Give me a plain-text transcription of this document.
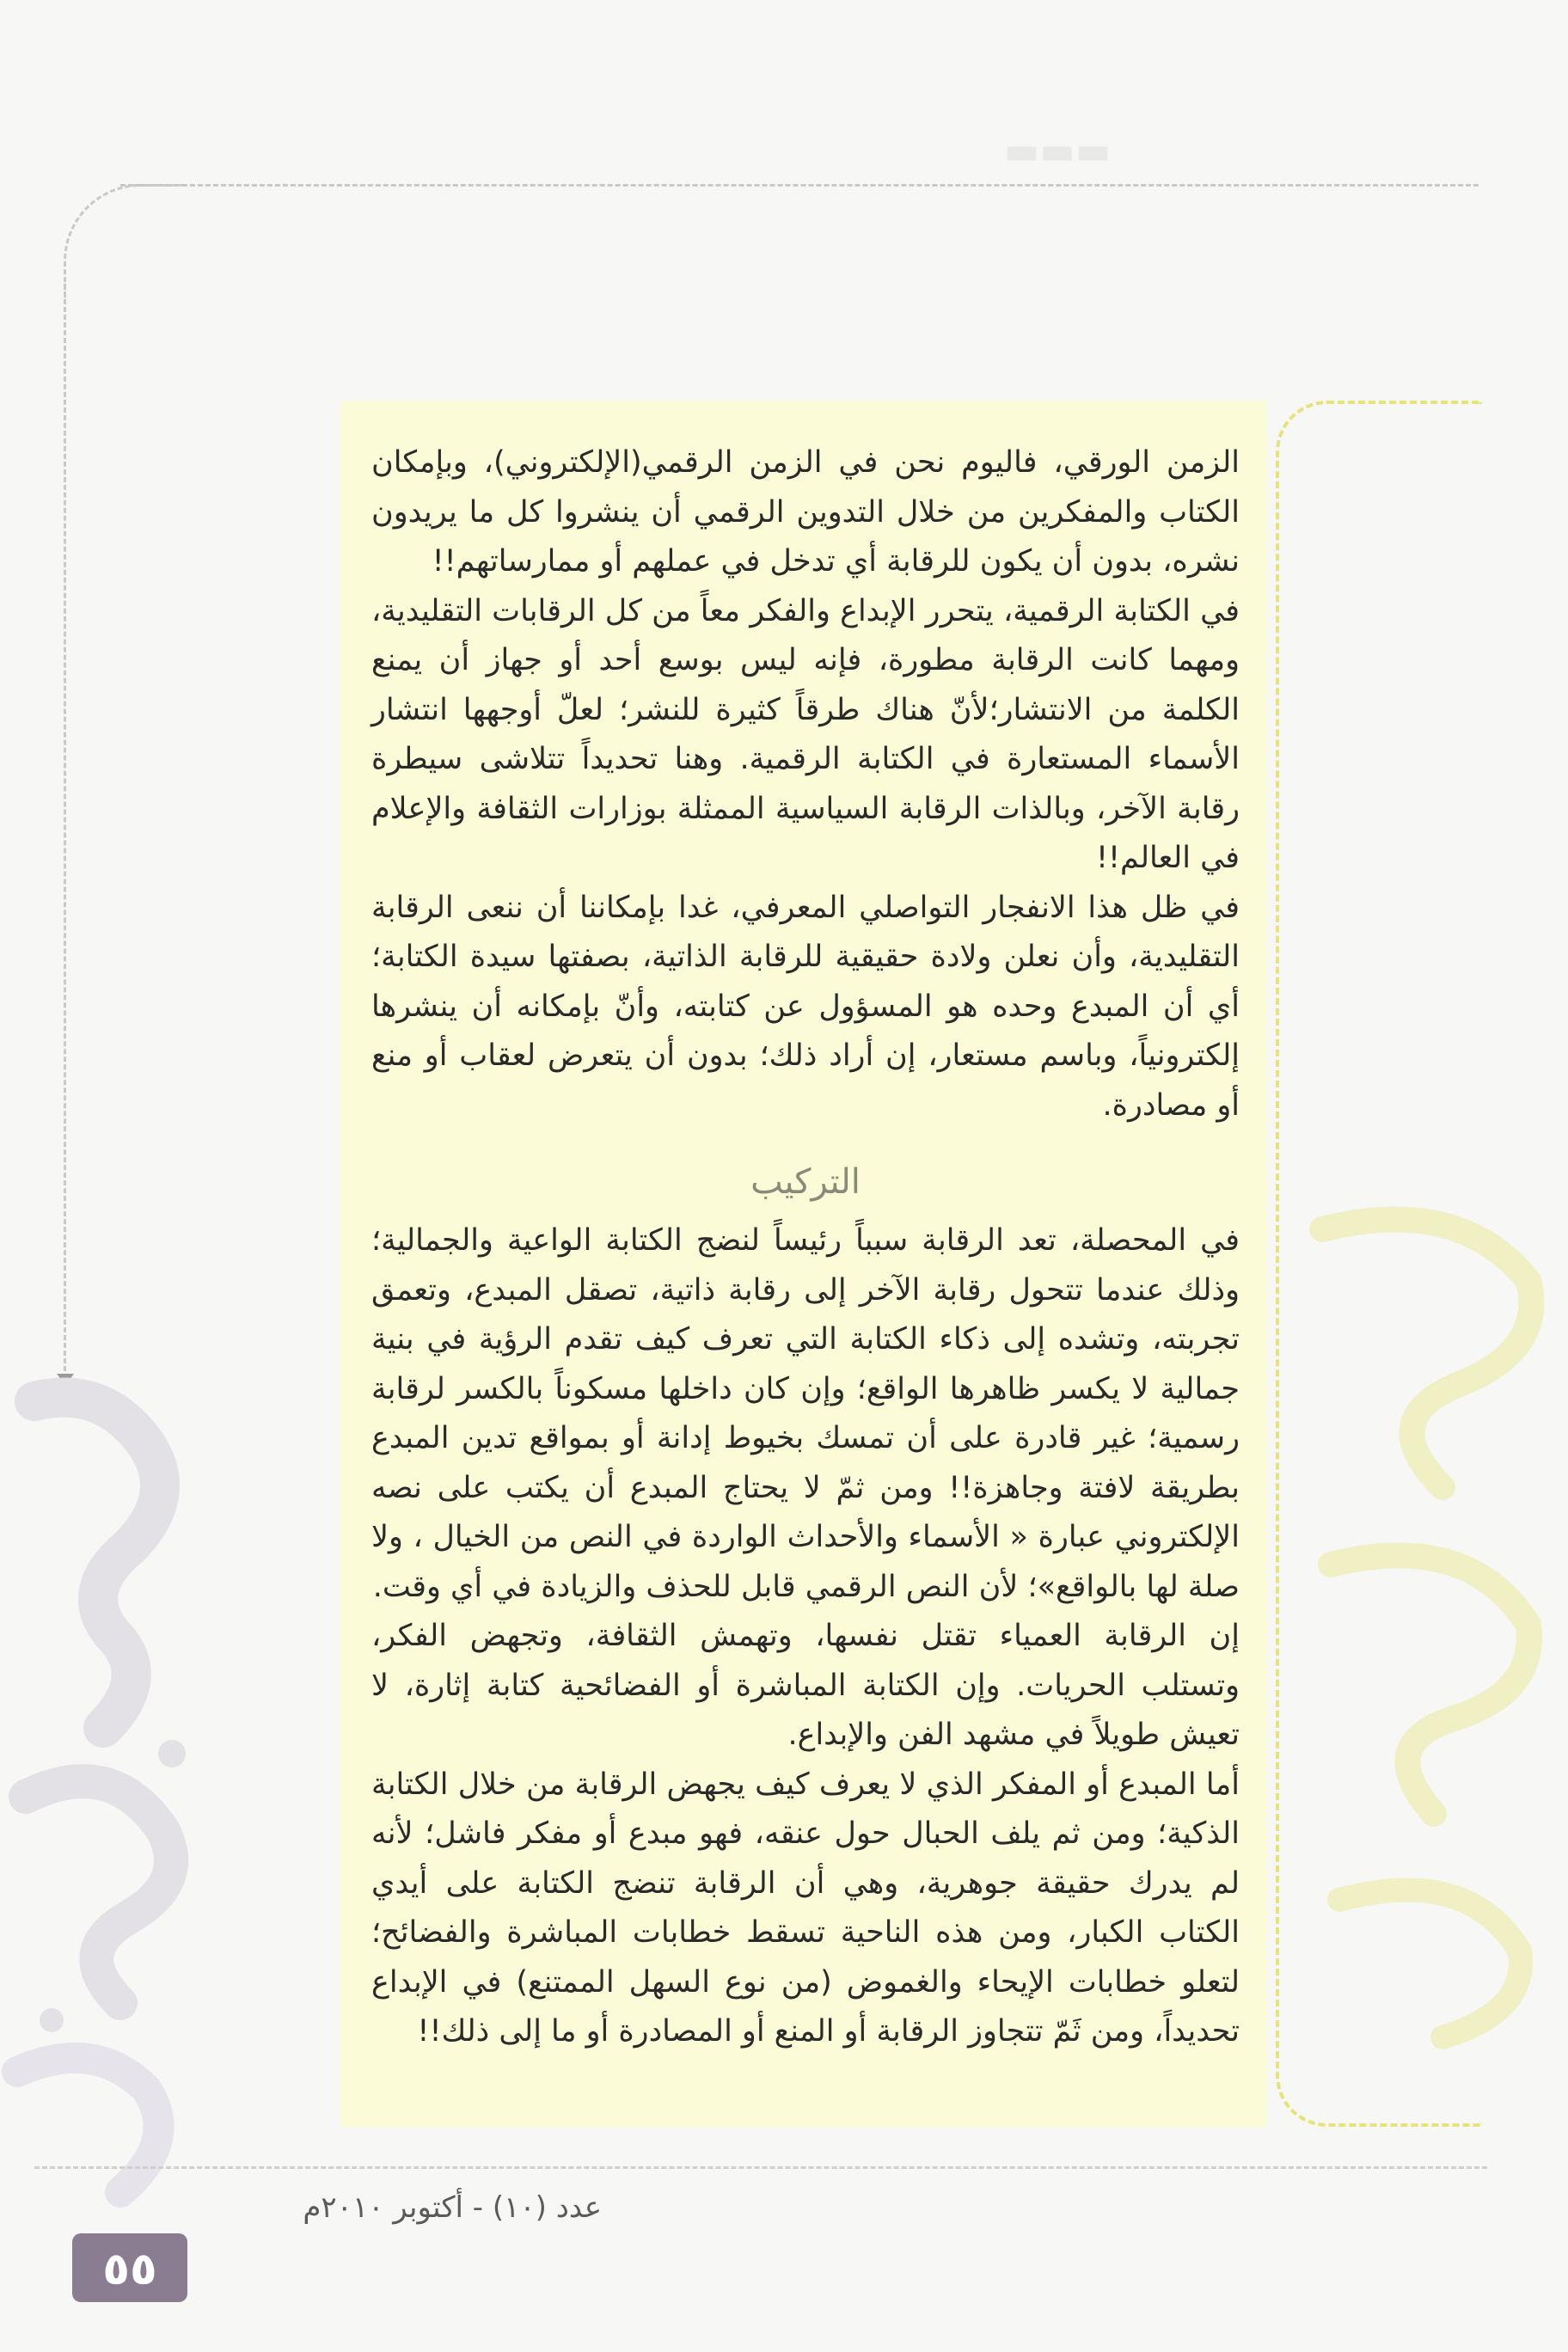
▬▬▬

الزمن الورقي، فاليوم نحن في الزمن الرقمي(الإلكتروني)، وبإمكان الكتاب والمفكرين من خلال التدوين الرقمي أن ينشروا كل ما يريدون نشره، بدون أن يكون للرقابة أي تدخل في عملهم أو ممارساتهم!!

في الكتابة الرقمية، يتحرر الإبداع والفكر معاً من كل الرقابات التقليدية، ومهما كانت الرقابة مطورة، فإنه ليس بوسع أحد أو جهاز أن يمنع الكلمة من الانتشار؛لأنّ هناك طرقاً كثيرة للنشر؛ لعلّ أوجهها انتشار الأسماء المستعارة في الكتابة الرقمية. وهنا تحديداً تتلاشى سيطرة رقابة الآخر، وبالذات الرقابة السياسية الممثلة بوزارات الثقافة والإعلام في العالم!!

في ظل هذا الانفجار التواصلي المعرفي، غدا بإمكاننا أن ننعى الرقابة التقليدية، وأن نعلن ولادة حقيقية للرقابة الذاتية، بصفتها سيدة الكتابة؛ أي أن المبدع وحده هو المسؤول عن كتابته، وأنّ بإمكانه أن ينشرها إلكترونياً، وباسم مستعار، إن أراد ذلك؛ بدون أن يتعرض لعقاب أو منع أو مصادرة.

التركيب

في المحصلة، تعد الرقابة سبباً رئيساً لنضج الكتابة الواعية والجمالية؛ وذلك عندما تتحول رقابة الآخر إلى رقابة ذاتية، تصقل المبدع، وتعمق تجربته، وتشده إلى ذكاء الكتابة التي تعرف كيف تقدم الرؤية في بنية جمالية لا يكسر ظاهرها الواقع؛ وإن كان داخلها مسكوناً بالكسر لرقابة رسمية؛ غير قادرة على أن تمسك بخيوط إدانة أو بمواقع تدين المبدع بطريقة لافتة وجاهزة!! ومن ثمّ لا يحتاج المبدع أن يكتب على نصه الإلكتروني عبارة « الأسماء والأحداث الواردة في النص من الخيال ، ولا صلة لها بالواقع»؛ لأن النص الرقمي قابل للحذف والزيادة في أي وقت.

إن الرقابة العمياء تقتل نفسها، وتهمش الثقافة، وتجهض الفكر، وتستلب الحريات. وإن الكتابة المباشرة أو الفضائحية كتابة إثارة، لا تعيش طويلاً في مشهد الفن والإبداع.

أما المبدع أو المفكر الذي لا يعرف كيف يجهض الرقابة من خلال الكتابة الذكية؛ ومن ثم يلف الحبال حول عنقه، فهو مبدع أو مفكر فاشل؛ لأنه لم يدرك حقيقة جوهرية، وهي أن الرقابة تنضج الكتابة على أيدي الكتاب الكبار، ومن هذه الناحية تسقط خطابات المباشرة والفضائح؛ لتعلو خطابات الإيحاء والغموض (من نوع السهل الممتنع) في الإبداع تحديداً، ومن ثَمّ تتجاوز الرقابة أو المنع أو المصادرة أو ما إلى ذلك!!

عدد (١٠) - أكتوبر ٢٠١٠م
٥٥
